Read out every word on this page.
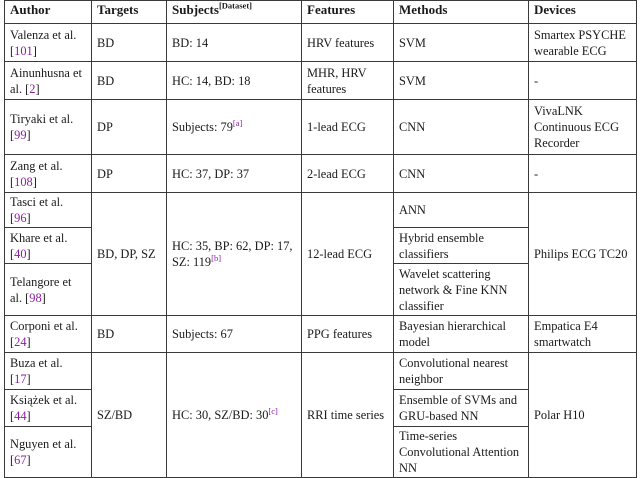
Author	Targets	Subjects[Dataset]	Features	Methods	Devices
Valenza et al. [101]	BD	BD: 14	HRV features	SVM	Smartex PSYCHE wearable ECG
Ainunhusna et al. [2]	BD	HC: 14, BD: 18	MHR, HRV features	SVM	-
Tiryaki et al. [99]	DP	Subjects: 79[a]	1-lead ECG	CNN	VivaLNK Continuous ECG Recorder
Zang et al. [108]	DP	HC: 37, DP: 37	2-lead ECG	CNN	-
Tasci et al. [96]	BD, DP, SZ	HC: 35, BP: 62, DP: 17, SZ: 119[b]	12-lead ECG	ANN	Philips ECG TC20
Khare et al. [40]				Hybrid ensemble classifiers	
Telangore et al. [98]				Wavelet scattering network & Fine KNN classifier	
Corponi et al. [24]	BD	Subjects: 67	PPG features	Bayesian hierarchical model	Empatica E4 smartwatch
Buza et al. [17]	SZ/BD	HC: 30, SZ/BD: 30[c]	RRI time series	Convolutional nearest neighbor	Polar H10
Książek et al. [44]				Ensemble of SVMs and GRU-based NN	
Nguyen et al. [67]				Time-series Convolutional Attention NN	
